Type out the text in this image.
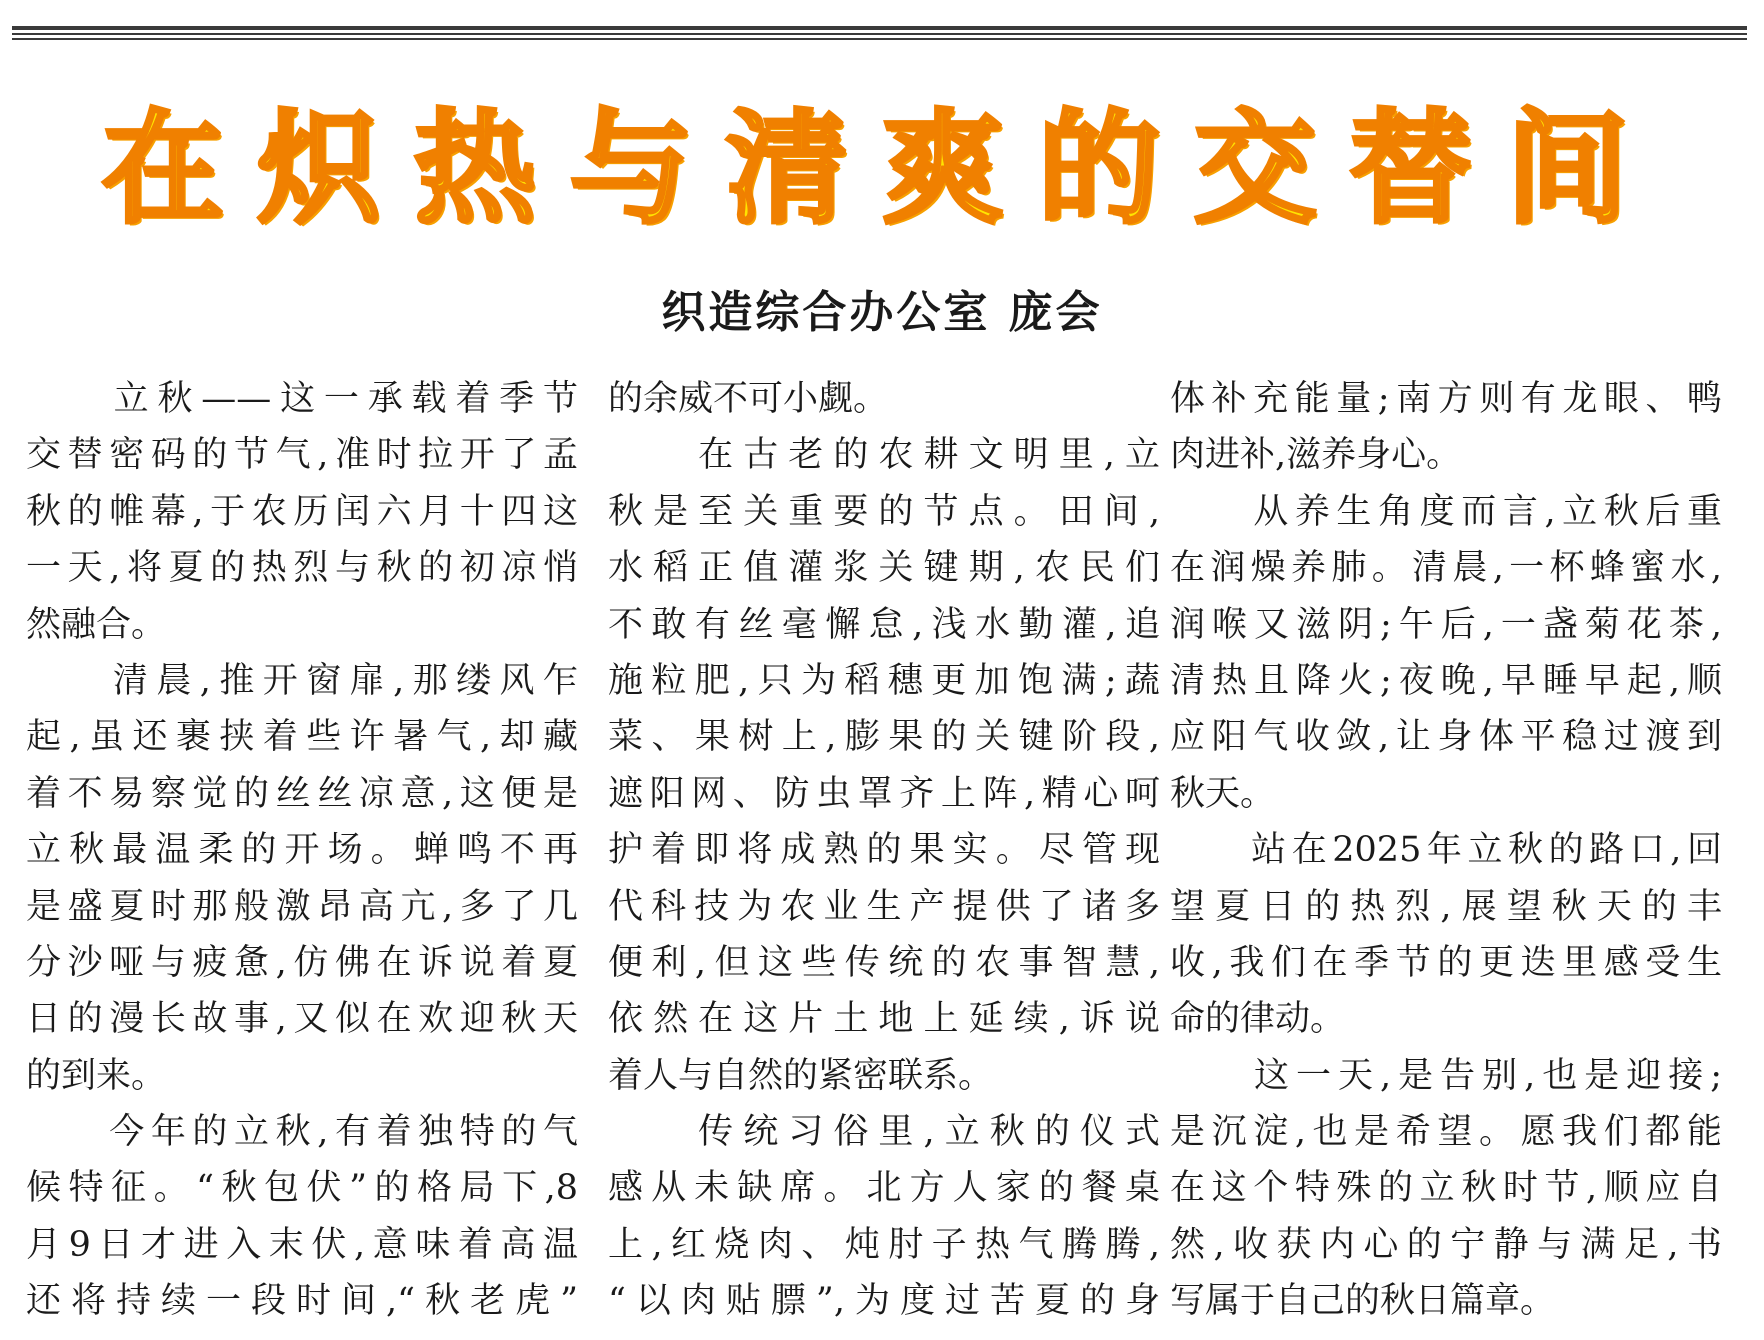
在炽热与清爽的交替间
织造综合办公室 庞会
　　立秋——这一承载着季节
交替密码的节气,准时拉开了孟
秋的帷幕,于农历闰六月十四这
一天,将夏的热烈与秋的初凉悄
然融合。
　　清晨,推开窗扉,那缕风乍
起,虽还裹挟着些许暑气,却藏
着不易察觉的丝丝凉意,这便是
立秋最温柔的开场。蝉鸣不再
是盛夏时那般激昂高亢,多了几
分沙哑与疲惫,仿佛在诉说着夏
日的漫长故事,又似在欢迎秋天
的到来。
　　今年的立秋,有着独特的气
候特征。“秋包伏”的格局下,8
月9日才进入末伏,意味着高温
还将持续一段时间,“秋老虎”
的余威不可小觑。
　　在古老的农耕文明里,立
秋是至关重要的节点。田间,
水稻正值灌浆关键期,农民们
不敢有丝毫懈怠,浅水勤灌,追
施粒肥,只为稻穗更加饱满;蔬
菜、果树上,膨果的关键阶段,
遮阳网、防虫罩齐上阵,精心呵
护着即将成熟的果实。尽管现
代科技为农业生产提供了诸多
便利,但这些传统的农事智慧,
依然在这片土地上延续,诉说
着人与自然的紧密联系。
　　传统习俗里,立秋的仪式
感从未缺席。北方人家的餐桌
上,红烧肉、炖肘子热气腾腾,
“以肉贴膘”,为度过苦夏的身
体补充能量;南方则有龙眼、鸭
肉进补,滋养身心。
　　从养生角度而言,立秋后重
在润燥养肺。清晨,一杯蜂蜜水,
润喉又滋阴;午后,一盏菊花茶,
清热且降火;夜晚,早睡早起,顺
应阳气收敛,让身体平稳过渡到
秋天。
　　站在2025年立秋的路口,回
望夏日的热烈,展望秋天的丰
收,我们在季节的更迭里感受生
命的律动。
　　这一天,是告别,也是迎接;
是沉淀,也是希望。愿我们都能
在这个特殊的立秋时节,顺应自
然,收获内心的宁静与满足,书
写属于自己的秋日篇章。
